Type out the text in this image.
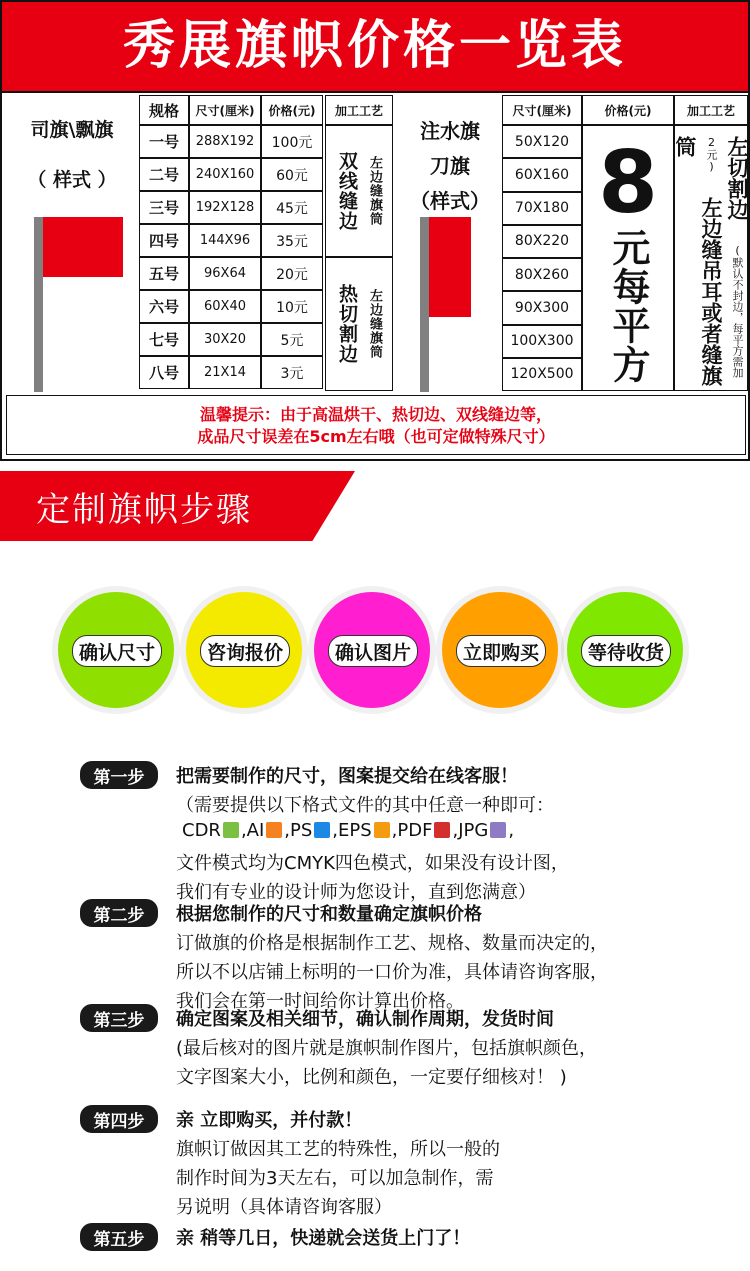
秀展旗帜价格一览表
司旗\飘旗
（ 样式 ）
规格	尺寸(厘米)	价格(元)	加工工艺
一号	288X192	100元
二号	240X160	60元
三号	192X128	45元
四号	144X96	35元
五号	96X64	20元
六号	60X40	10元
七号	30X20	5元
八号	21X14	3元
双线缝边 左边缝旗筒
热切割边 左边缝旗筒
注水旗
刀旗
（样式）
尺寸(厘米)	价格(元)	加工工艺
50X120
60X160
70X180
80X220
80X260
90X300
100X300
120X500
8
元每平方
左切割边 (默认不封边，每平方需加2元) 左边缝吊耳或者缝旗筒
温馨提示：由于高温烘干、热切边、双线缝边等，
成品尺寸误差在5cm左右哦（也可定做特殊尺寸）
定制旗帜步骤
确认尺寸	咨询报价	确认图片	立即购买	等待收货
第一步	把需要制作的尺寸，图案提交给在线客服！
（需要提供以下格式文件的其中任意一种即可：
CDR ,AI ,PS ,EPS ,PDF ,JPG ,
文件模式均为CMYK四色模式，如果没有设计图，
我们有专业的设计师为您设计，直到您满意）
第二步	根据您制作的尺寸和数量确定旗帜价格
订做旗的价格是根据制作工艺、规格、数量而决定的，
所以不以店铺上标明的一口价为准，具体请咨询客服，
我们会在第一时间给你计算出价格。
第三步	确定图案及相关细节，确认制作周期，发货时间
(最后核对的图片就是旗帜制作图片，包括旗帜颜色，
文字图案大小，比例和颜色，一定要仔细核对！ )
第四步	亲 立即购买，并付款！
旗帜订做因其工艺的特殊性，所以一般的
制作时间为3天左右，可以加急制作，需
另说明（具体请咨询客服）
第五步	亲 稍等几日，快递就会送货上门了！
